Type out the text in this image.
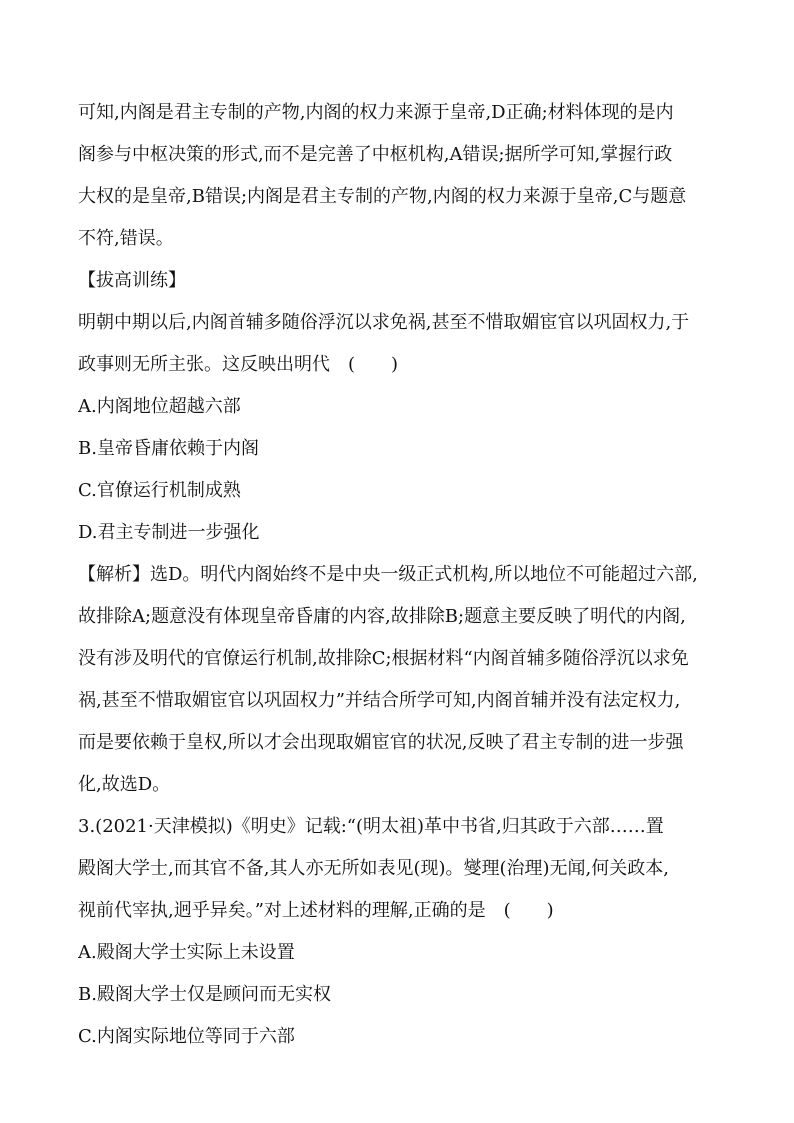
可知,内阁是君主专制的产物,内阁的权力来源于皇帝,D正确;材料体现的是内
阁参与中枢决策的形式,而不是完善了中枢机构,A错误;据所学可知,掌握行政
大权的是皇帝,B错误;内阁是君主专制的产物,内阁的权力来源于皇帝,C与题意
不符,错误。
【拔高训练】
明朝中期以后,内阁首辅多随俗浮沉以求免祸,甚至不惜取媚宦官以巩固权力,于
政事则无所主张。这反映出明代　(　　)
A.内阁地位超越六部
B.皇帝昏庸依赖于内阁
C.官僚运行机制成熟
D.君主专制进一步强化
【解析】选D。明代内阁始终不是中央一级正式机构,所以地位不可能超过六部,
故排除A;题意没有体现皇帝昏庸的内容,故排除B;题意主要反映了明代的内阁,
没有涉及明代的官僚运行机制,故排除C;根据材料“内阁首辅多随俗浮沉以求免
祸,甚至不惜取媚宦官以巩固权力”并结合所学可知,内阁首辅并没有法定权力,
而是要依赖于皇权,所以才会出现取媚宦官的状况,反映了君主专制的进一步强
化,故选D。
3.(2021·天津模拟)《明史》记载:“(明太祖)革中书省,归其政于六部……置
殿阁大学士,而其官不备,其人亦无所如表见(现)。燮理(治理)无闻,何关政本,
视前代宰执,迥乎异矣。”对上述材料的理解,正确的是　(　　)
A.殿阁大学士实际上未设置
B.殿阁大学士仅是顾问而无实权
C.内阁实际地位等同于六部
